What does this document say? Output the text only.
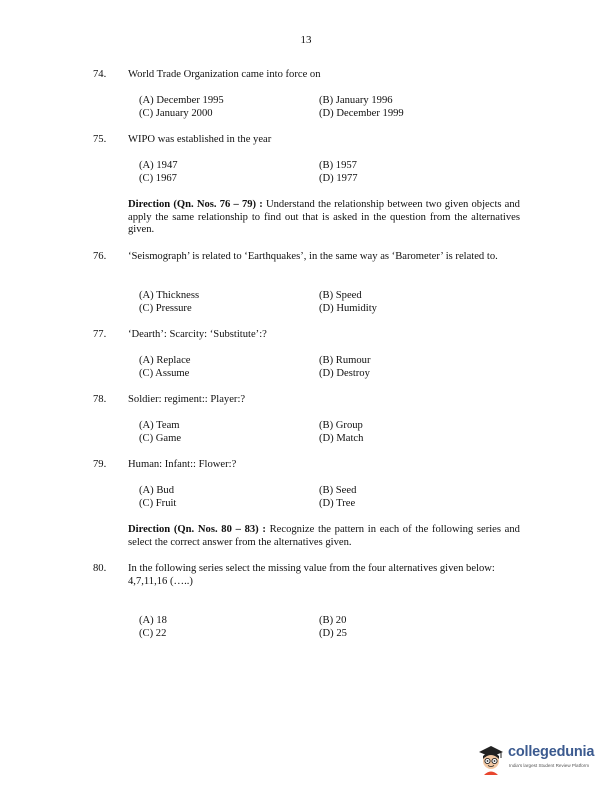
13
74. World Trade Organization came into force on
(A) December 1995	(B) January 1996
(C) January 2000	(D) December 1999
75. WIPO was established in the year
(A) 1947	(B) 1957
(C) 1967	(D) 1977
Direction (Qn. Nos. 76 – 79) : Understand the relationship between two given objects and apply the same relationship to find out that is asked in the question from the alternatives given.
76. ‘Seismograph’ is related to ‘Earthquakes’, in the same way as ‘Barometer’ is related to.
(A) Thickness	(B) Speed
(C) Pressure	(D) Humidity
77. ‘Dearth’: Scarcity: ‘Substitute’:?
(A) Replace	(B) Rumour
(C) Assume	(D) Destroy
78. Soldier: regiment:: Player:?
(A) Team	(B) Group
(C) Game	(D) Match
79. Human: Infant:: Flower:?
(A) Bud	(B) Seed
(C) Fruit	(D) Tree
Direction (Qn. Nos. 80 – 83) : Recognize the pattern in each of the following series and select the correct answer from the alternatives given.
80. In the following series select the missing value from the four alternatives given below:
4,7,11,16 (…..)
(A) 18	(B) 20
(C) 22	(D) 25
collegedunia
India's largest Student Review Platform
